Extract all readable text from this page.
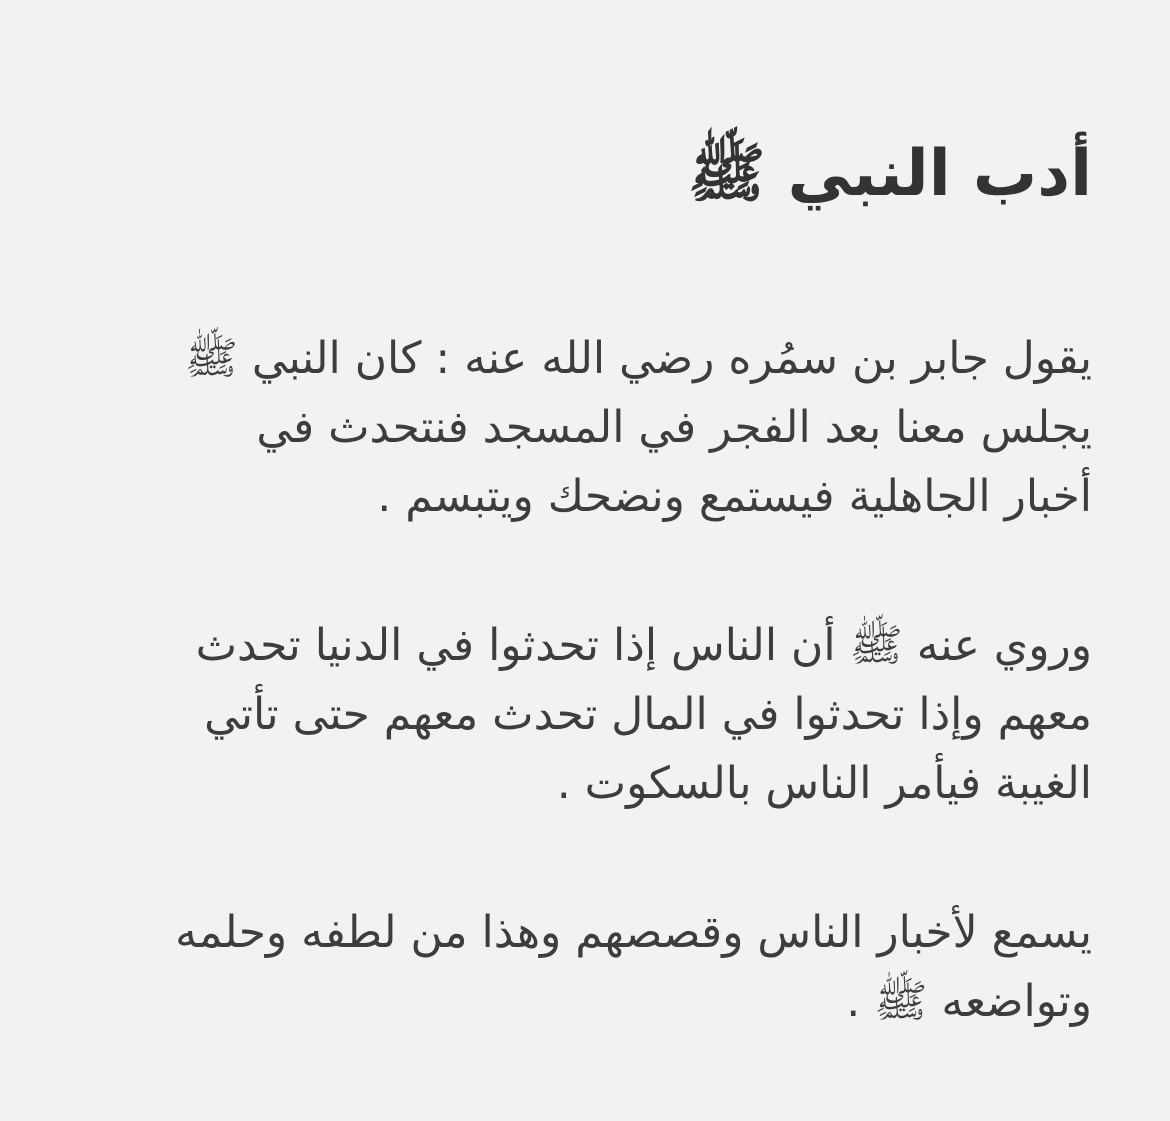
أدب النبي ﷺ
يقول جابر بن سمُره رضي الله عنه : كان النبي ﷺ
يجلس معنا بعد الفجر في المسجد فنتحدث في
أخبار الجاهلية فيستمع ونضحك ويتبسم .
وروي عنه ﷺ أن الناس إذا تحدثوا في الدنيا تحدث
معهم وإذا تحدثوا في المال تحدث معهم حتى تأتي
الغيبة فيأمر الناس بالسكوت .
يسمع لأخبار الناس وقصصهم وهذا من لطفه وحلمه
وتواضعه ﷺ .
